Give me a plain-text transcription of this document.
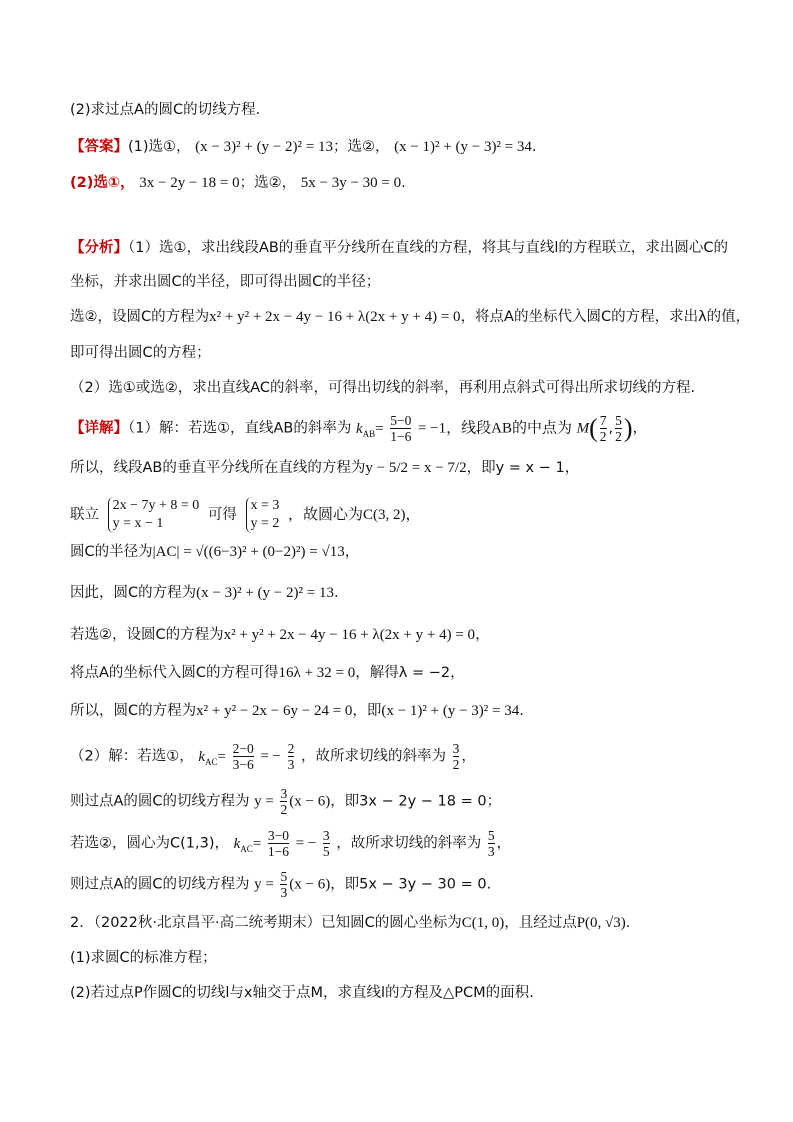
(2)求过点A的圆C的切线方程．
【答案】(1)选①， (x − 3)² + (y − 2)² = 13；选②， (x − 1)² + (y − 3)² = 34.
(2)选①， 3x − 2y − 18 = 0；选②， 5x − 3y − 30 = 0.
【分析】（1）选①，求出线段AB的垂直平分线所在直线的方程，将其与直线l的方程联立，求出圆心C的
坐标，并求出圆C的半径，即可得出圆C的半径；
选②，设圆C的方程为x² + y² + 2x − 4y − 16 + λ(2x + y + 4) = 0，将点A的坐标代入圆C的方程，求出λ的值，
即可得出圆C的方程；
（2）选①或选②，求出直线AC的斜率，可得出切线的斜率，再利用点斜式可得出所求切线的方程.
【详解】（1）解：若选①，直线AB的斜率为 $k_{AB}= \frac{5-0}{1-6} = -1$，线段AB的中点为 $M( \frac{7}{2}$ , $\frac{5}{2}$ )，
所以，线段AB的垂直平分线所在直线的方程为y − 5/2 = x − 7/2，即y = x − 1，
联立 2x − 7y + 8 = 0
y = x − 1 可得 x = 3
y = 2 ，故圆心为C(3, 2)，
圆C的半径为|AC| = √((6−3)² + (0−2)²) = √13，
因此，圆C的方程为(x − 3)² + (y − 2)² = 13.
若选②，设圆C的方程为x² + y² + 2x − 4y − 16 + λ(2x + y + 4) = 0，
将点A的坐标代入圆C的方程可得16λ + 32 = 0，解得λ = −2，
所以，圆C的方程为x² + y² − 2x − 6y − 24 = 0，即(x − 1)² + (y − 3)² = 34.
（2）解：若选①， $k_{AC}= \frac{2-0}{3-6}$ = − $\frac{2}{3}$ ，故所求切线的斜率为 $\frac{3}{2}$ ，
则过点A的圆C的切线方程为 $y = \frac{3}{2} (x - 6)$，即3x − 2y − 18 = 0；
若选②，圆心为C(1,3)， $k_{AC}= \frac{3-0}{1-6}$ = − $\frac{3}{5}$ ，故所求切线的斜率为 $\frac{5}{3}$ ，
则过点A的圆C的切线方程为 $y = \frac{5}{3} (x - 6)$，即5x − 3y − 30 = 0.
2．（2022秋·北京昌平·高二统考期末）已知圆C的圆心坐标为C(1, 0)，且经过点P(0, √3).
(1)求圆C的标准方程；
(2)若过点P作圆C的切线l与x轴交于点M，求直线l的方程及△PCM的面积.
